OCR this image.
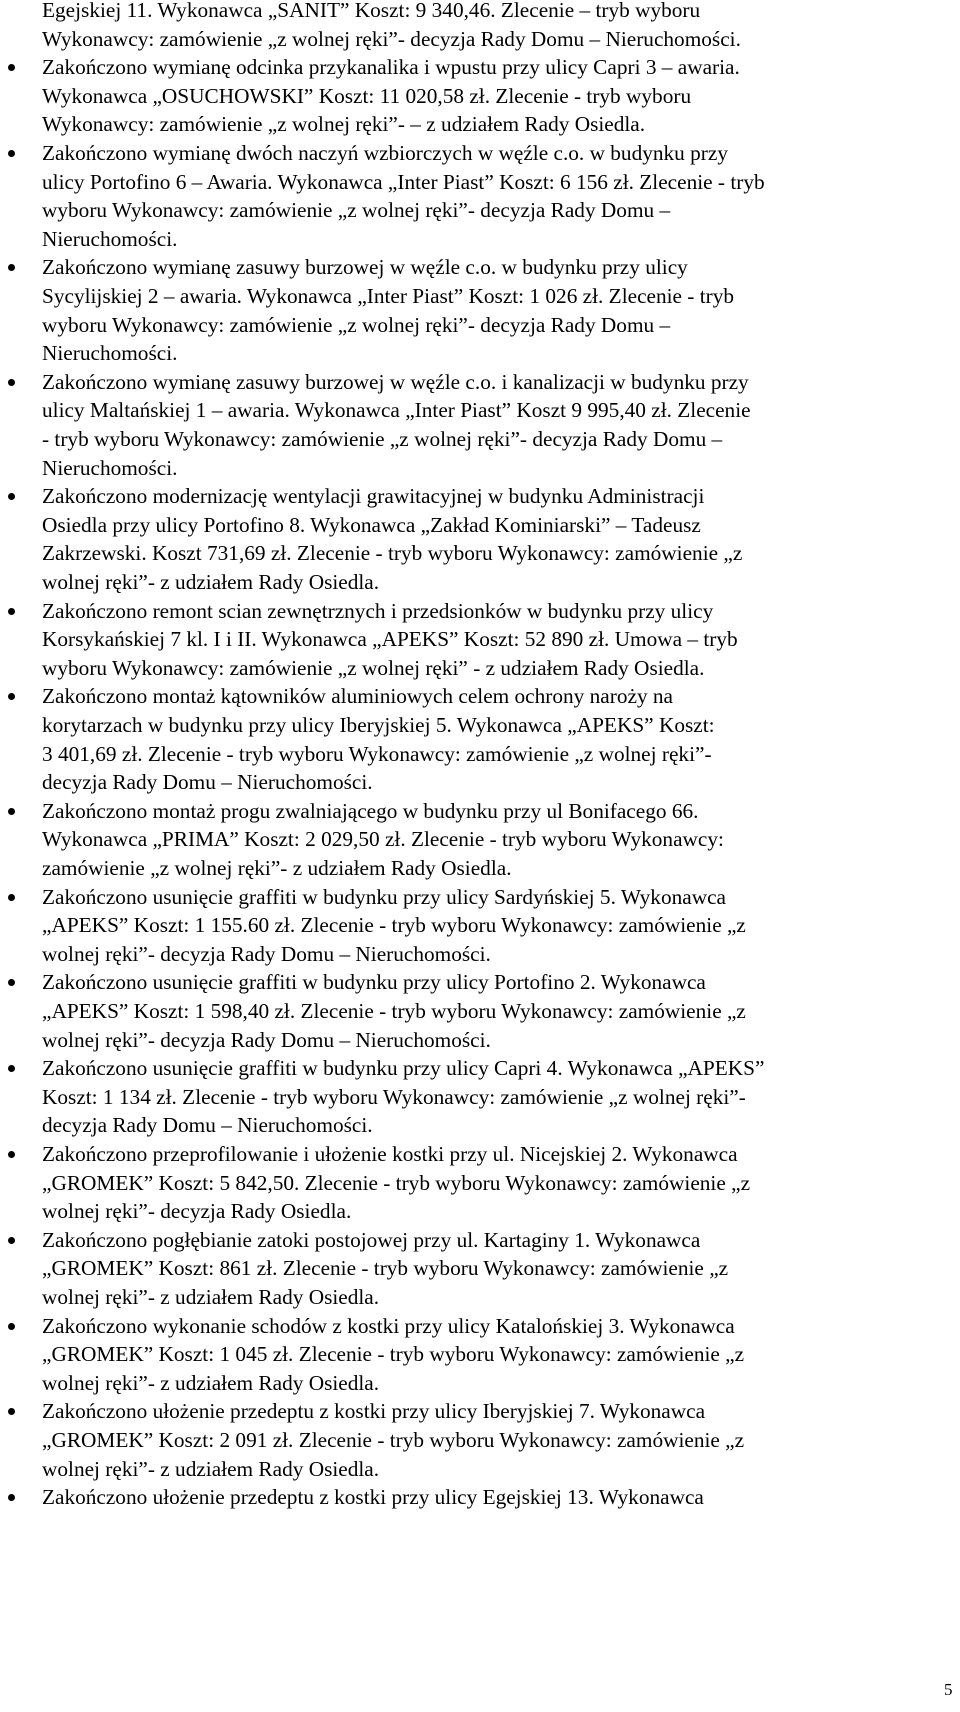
Egejskiej 11. Wykonawca „SANIT” Koszt: 9 340,46. Zlecenie – tryb wyboru
Wykonawcy: zamówienie „z wolnej ręki”- decyzja Rady Domu – Nieruchomości.
Zakończono wymianę odcinka przykanalika i wpustu przy ulicy Capri 3 – awaria.
Wykonawca „OSUCHOWSKI” Koszt: 11 020,58 zł. Zlecenie - tryb wyboru
Wykonawcy: zamówienie „z wolnej ręki”- – z udziałem Rady Osiedla.
Zakończono wymianę dwóch naczyń wzbiorczych w węźle c.o. w budynku przy
ulicy Portofino 6 – Awaria. Wykonawca „Inter Piast” Koszt: 6 156 zł. Zlecenie - tryb
wyboru Wykonawcy: zamówienie „z wolnej ręki”- decyzja Rady Domu –
Nieruchomości.
Zakończono wymianę zasuwy burzowej w węźle c.o. w budynku przy ulicy
Sycylijskiej 2 – awaria. Wykonawca „Inter Piast” Koszt: 1 026 zł. Zlecenie - tryb
wyboru Wykonawcy: zamówienie „z wolnej ręki”- decyzja Rady Domu –
Nieruchomości.
Zakończono wymianę zasuwy burzowej w węźle c.o. i kanalizacji w budynku przy
ulicy Maltańskiej 1 – awaria. Wykonawca „Inter Piast” Koszt 9 995,40 zł. Zlecenie
- tryb wyboru Wykonawcy: zamówienie „z wolnej ręki”- decyzja Rady Domu –
Nieruchomości.
Zakończono modernizację wentylacji grawitacyjnej w budynku Administracji
Osiedla przy ulicy Portofino 8. Wykonawca „Zakład Kominiarski” – Tadeusz
Zakrzewski. Koszt 731,69 zł. Zlecenie - tryb wyboru Wykonawcy: zamówienie „z
wolnej ręki”- z udziałem Rady Osiedla.
Zakończono remont scian zewnętrznych i przedsionków w budynku przy ulicy
Korsykańskiej 7 kl. I i II. Wykonawca „APEKS” Koszt: 52 890 zł. Umowa – tryb
wyboru Wykonawcy: zamówienie „z wolnej ręki” - z udziałem Rady Osiedla.
Zakończono montaż kątowników aluminiowych celem ochrony naroży na
korytarzach w budynku przy ulicy Iberyjskiej 5. Wykonawca „APEKS” Koszt:
3 401,69 zł. Zlecenie - tryb wyboru Wykonawcy: zamówienie „z wolnej ręki”-
decyzja Rady Domu – Nieruchomości.
Zakończono montaż progu zwalniającego w budynku przy ul Bonifacego 66.
Wykonawca „PRIMA” Koszt: 2 029,50 zł. Zlecenie - tryb wyboru Wykonawcy:
zamówienie „z wolnej ręki”- z udziałem Rady Osiedla.
Zakończono usunięcie graffiti w budynku przy ulicy Sardyńskiej 5. Wykonawca
„APEKS” Koszt: 1 155.60 zł. Zlecenie - tryb wyboru Wykonawcy: zamówienie „z
wolnej ręki”- decyzja Rady Domu – Nieruchomości.
Zakończono usunięcie graffiti w budynku przy ulicy Portofino 2. Wykonawca
„APEKS” Koszt: 1 598,40 zł. Zlecenie - tryb wyboru Wykonawcy: zamówienie „z
wolnej ręki”- decyzja Rady Domu – Nieruchomości.
Zakończono usunięcie graffiti w budynku przy ulicy Capri 4. Wykonawca „APEKS”
Koszt: 1 134 zł. Zlecenie - tryb wyboru Wykonawcy: zamówienie „z wolnej ręki”-
decyzja Rady Domu – Nieruchomości.
Zakończono przeprofilowanie i ułożenie kostki przy ul. Nicejskiej 2. Wykonawca
„GROMEK” Koszt: 5 842,50. Zlecenie - tryb wyboru Wykonawcy: zamówienie „z
wolnej ręki”- decyzja Rady Osiedla.
Zakończono pogłębianie zatoki postojowej przy ul. Kartaginy 1. Wykonawca
„GROMEK” Koszt: 861 zł. Zlecenie - tryb wyboru Wykonawcy: zamówienie „z
wolnej ręki”- z udziałem Rady Osiedla.
Zakończono wykonanie schodów z kostki przy ulicy Katalońskiej 3. Wykonawca
„GROMEK” Koszt: 1 045 zł. Zlecenie - tryb wyboru Wykonawcy: zamówienie „z
wolnej ręki”- z udziałem Rady Osiedla.
Zakończono ułożenie przedeptu z kostki przy ulicy Iberyjskiej 7. Wykonawca
„GROMEK” Koszt: 2 091 zł. Zlecenie - tryb wyboru Wykonawcy: zamówienie „z
wolnej ręki”- z udziałem Rady Osiedla.
Zakończono ułożenie przedeptu z kostki przy ulicy Egejskiej 13. Wykonawca
5
